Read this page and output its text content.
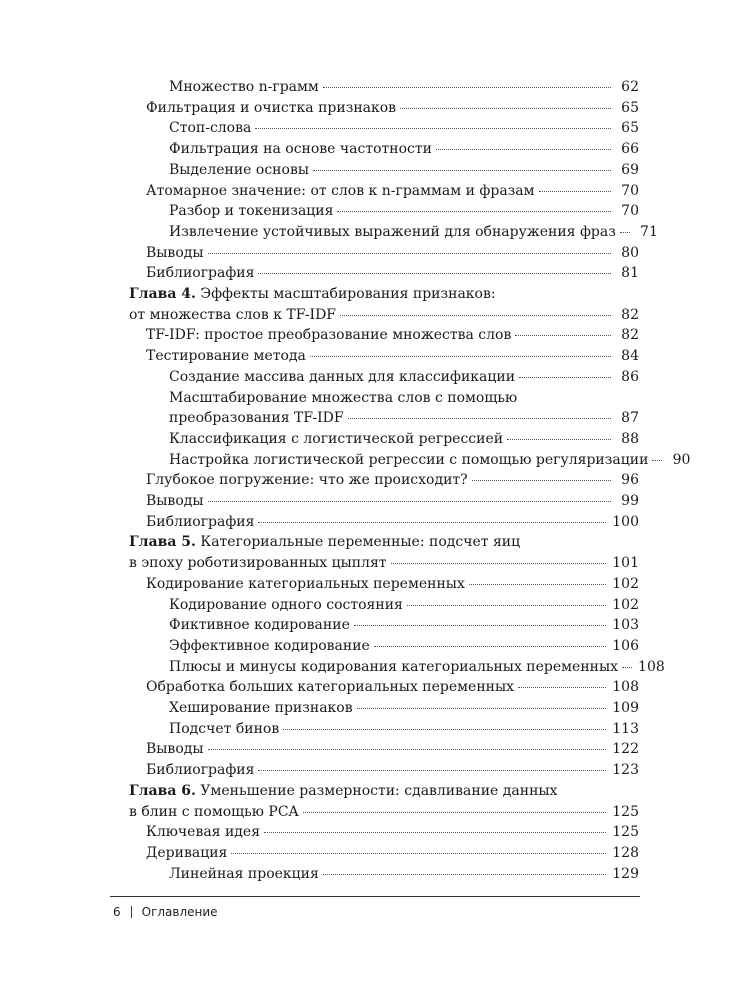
Множество n-грамм	62
Фильтрация и очистка признаков	65
Стоп-слова	65
Фильтрация на основе частотности	66
Выделение основы	69
Атомарное значение: от слов к n-граммам и фразам	70
Разбор и токенизация	70
Извлечение устойчивых выражений для обнаружения фраз	71
Выводы	80
Библиография	81
Глава 4. Эффекты масштабирования признаков:
от множества слов к TF-IDF	82
TF-IDF: простое преобразование множества слов	82
Тестирование метода	84
Создание массива данных для классификации	86
Масштабирование множества слов с помощью
преобразования TF-IDF	87
Классификация с логистической регрессией	88
Настройка логистической регрессии с помощью регуляризации	90
Глубокое погружение: что же происходит?	96
Выводы	99
Библиография	100
Глава 5. Категориальные переменные: подсчет яиц
в эпоху роботизированных цыплят	101
Кодирование категориальных переменных	102
Кодирование одного состояния	102
Фиктивное кодирование	103
Эффективное кодирование	106
Плюсы и минусы кодирования категориальных переменных	108
Обработка больших категориальных переменных	108
Хеширование признаков	109
Подсчет бинов	113
Выводы	122
Библиография	123
Глава 6. Уменьшение размерности: сдавливание данных
в блин с помощью PCA	125
Ключевая идея	125
Деривация	128
Линейная проекция	129
6 Оглавление
